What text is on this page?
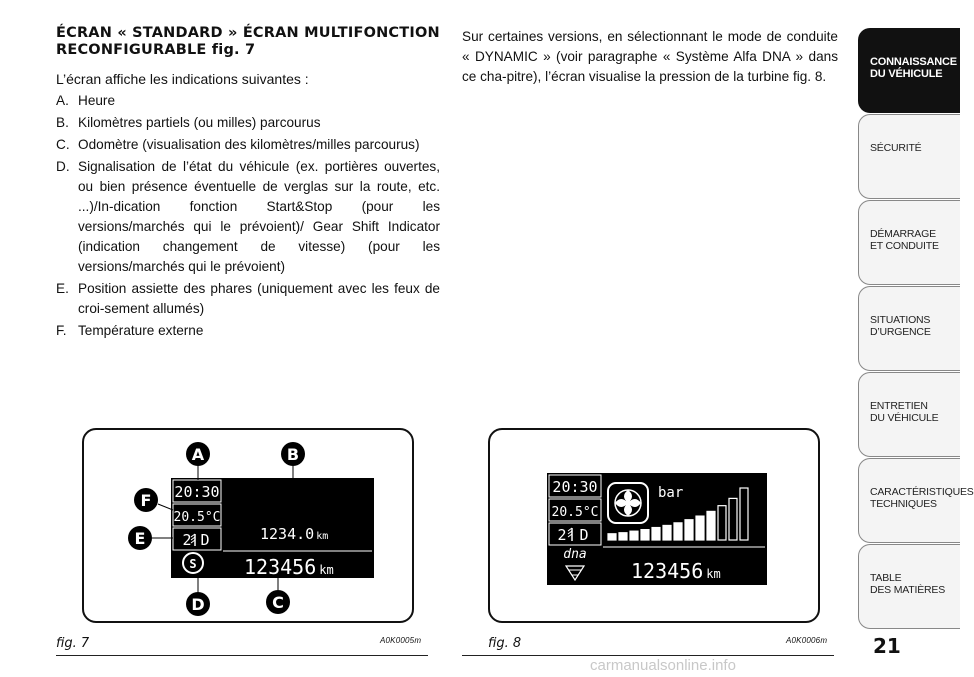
ÉCRAN « STANDARD » ÉCRAN MULTIFONCTION RECONFIGURABLE fig. 7
L’écran affiche les indications suivantes :
A. Heure
B. Kilomètres partiels (ou milles) parcourus
C. Odomètre (visualisation des kilomètres/milles parcourus)
D. Signalisation de l’état du véhicule (ex. portières ouvertes, ou bien présence éventuelle de verglas sur la route, etc. ...)/In-dication fonction Start&Stop (pour les versions/marchés qui le prévoient)/ Gear Shift Indicator (indication changement de vitesse) (pour les versions/marchés qui le prévoient)
E. Position assiette des phares (uniquement avec les feux de croi-sement allumés)
F. Température externe
Sur certaines versions, en sélectionnant le mode de conduite « DYNAMIC » (voir paragraphe « Système Alfa DNA » dans ce cha-pitre), l’écran visualise la pression de la turbine fig. 8.
20:30
20.5°C
2 D
S
1234.0 km
123456 km
A	B
C
D
E
F
20:30
20.5°C
2 D
dna
bar
123456 km
fig. 7	A0K0005m	fig. 8	A0K0006m
CONNAISSANCE
DU VÉHICULE
SÉCURITÉ
DÉMARRAGE
ET CONDUITE
SITUATIONS
D’URGENCE
ENTRETIEN
DU VÉHICULE
CARACTÉRISTIQUES
TECHNIQUES
TABLE
DES MATIÈRES
21
carmanualsonline.info
